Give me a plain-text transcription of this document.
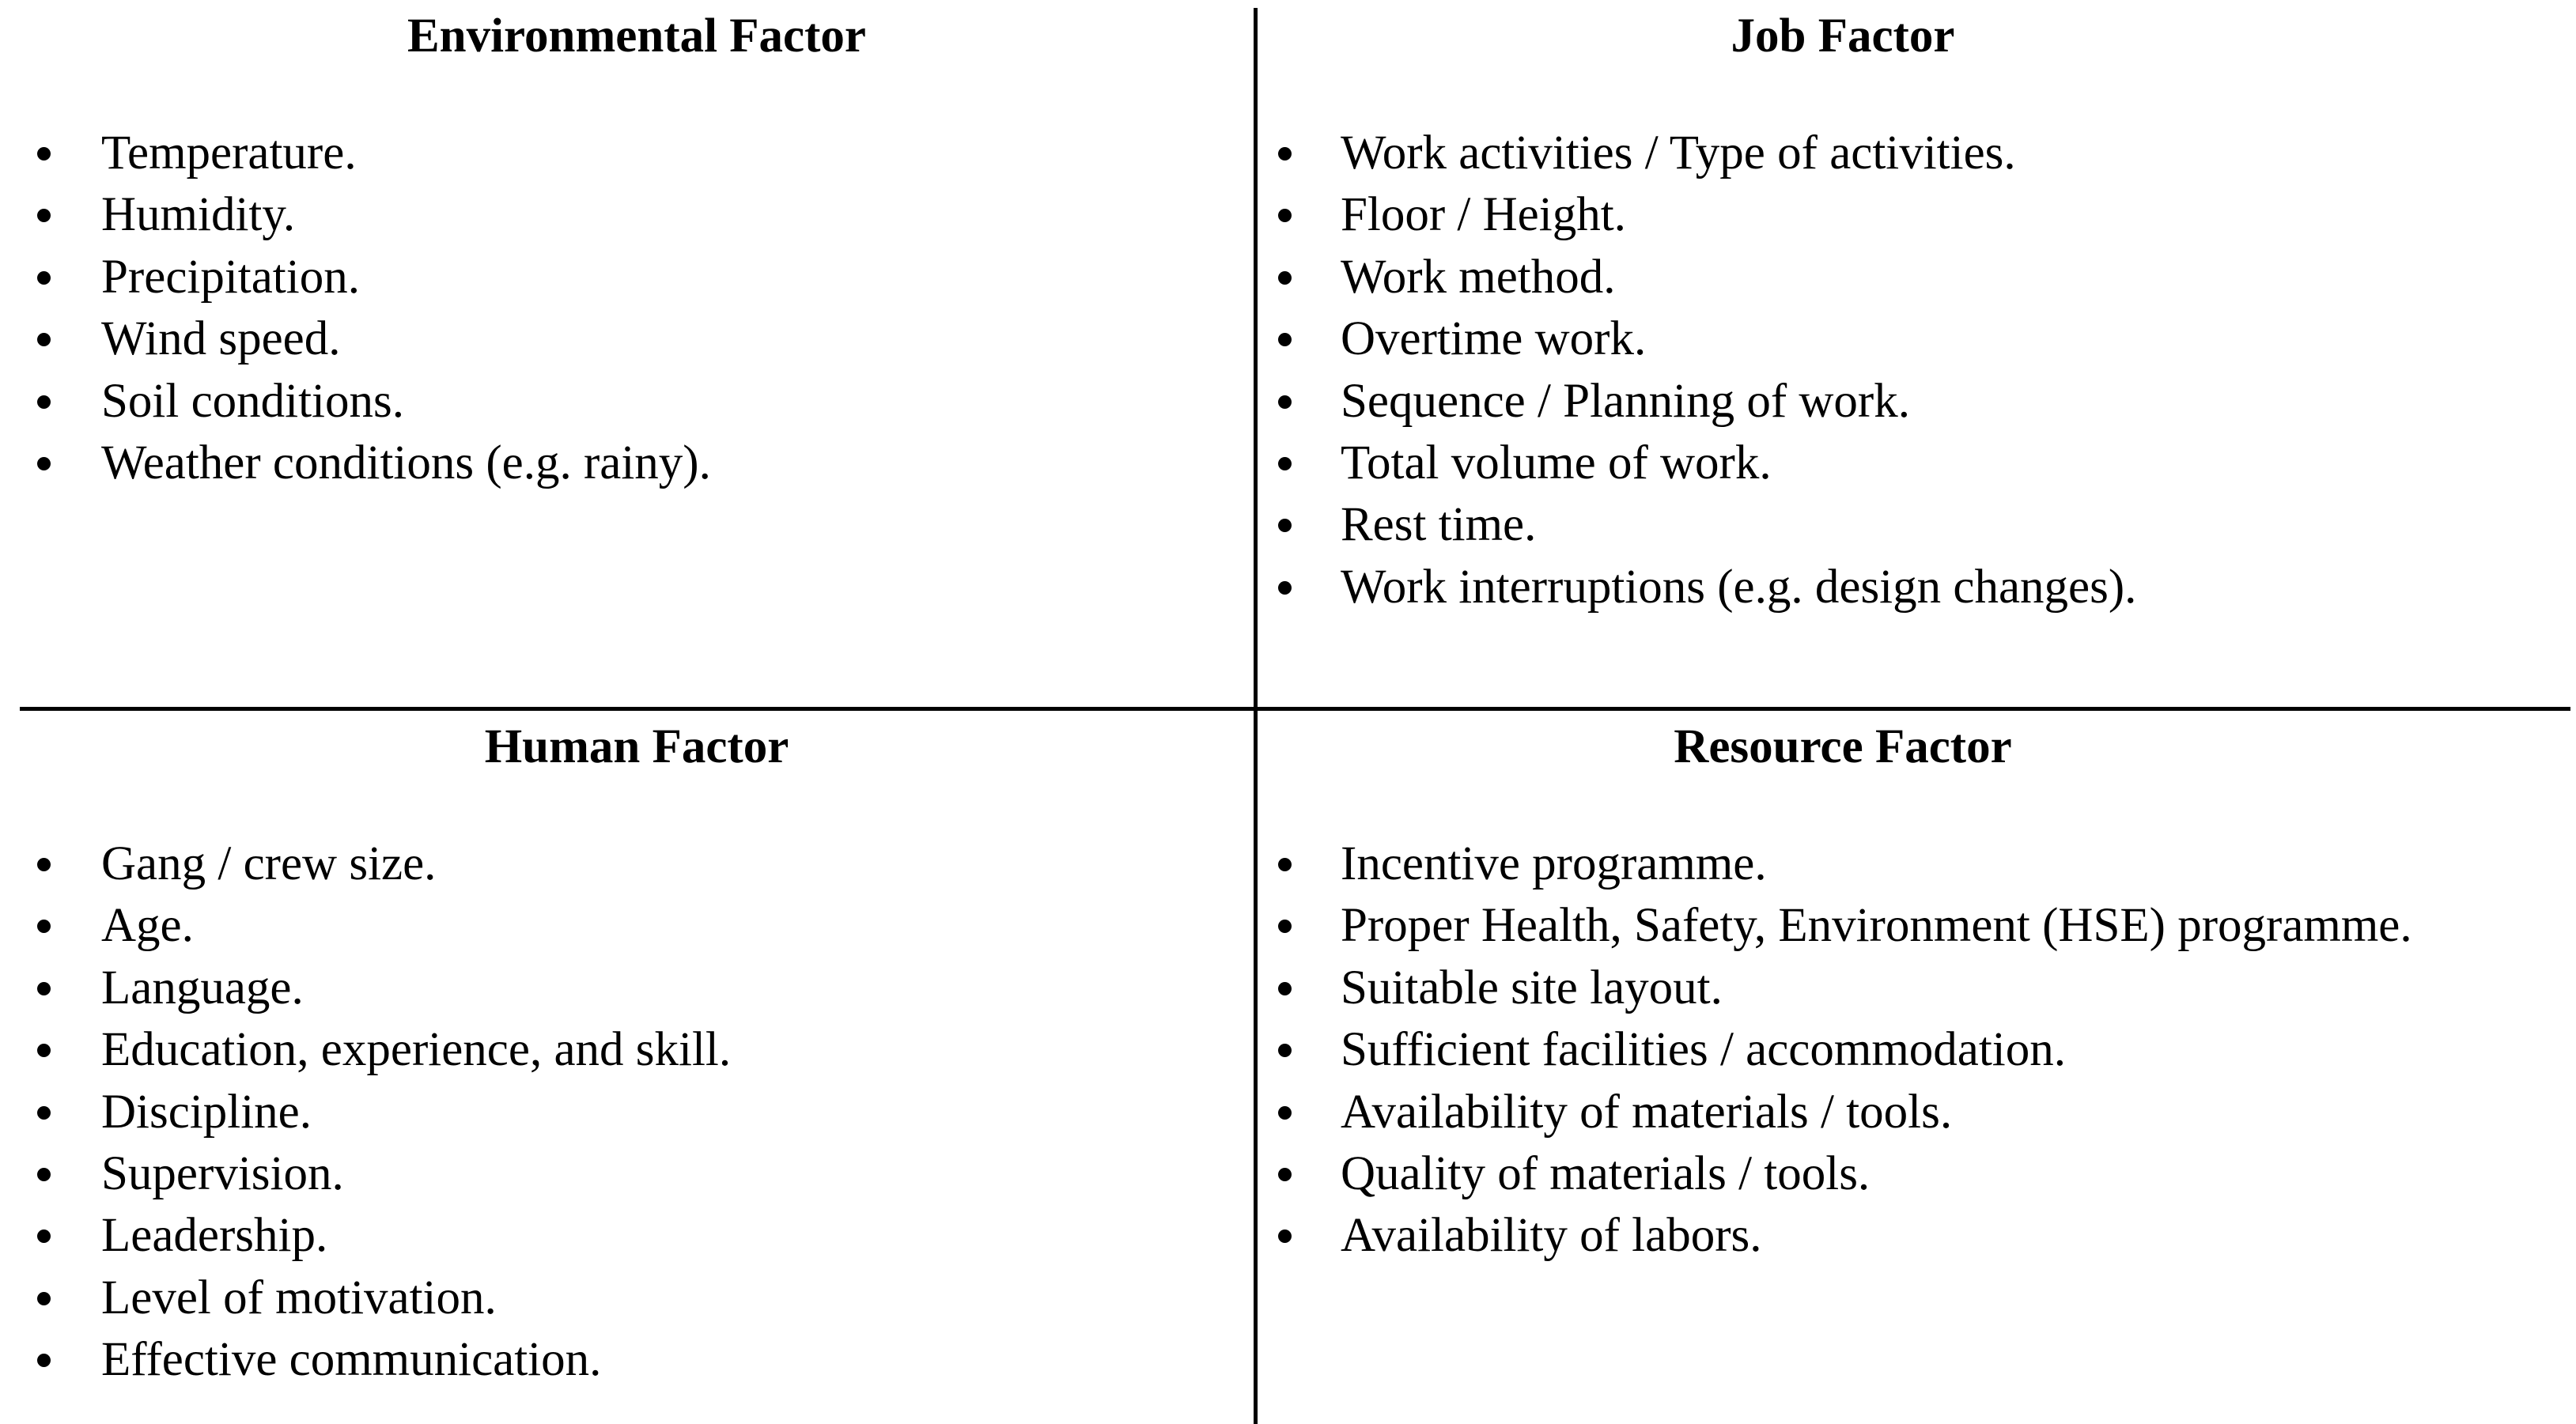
Environmental Factor
Temperature.
Humidity.
Precipitation.
Wind speed.
Soil conditions.
Weather conditions (e.g. rainy).
Job Factor
Work activities / Type of activities.
Floor / Height.
Work method.
Overtime work.
Sequence / Planning of work.
Total volume of work.
Rest time.
Work interruptions (e.g. design changes).
Human Factor
Gang / crew size.
Age.
Language.
Education, experience, and skill.
Discipline.
Supervision.
Leadership.
Level of motivation.
Effective communication.
Resource Factor
Incentive programme.
Proper Health, Safety, Environment (HSE) programme.
Suitable site layout.
Sufficient facilities / accommodation.
Availability of materials / tools.
Quality of materials / tools.
Availability of labors.
